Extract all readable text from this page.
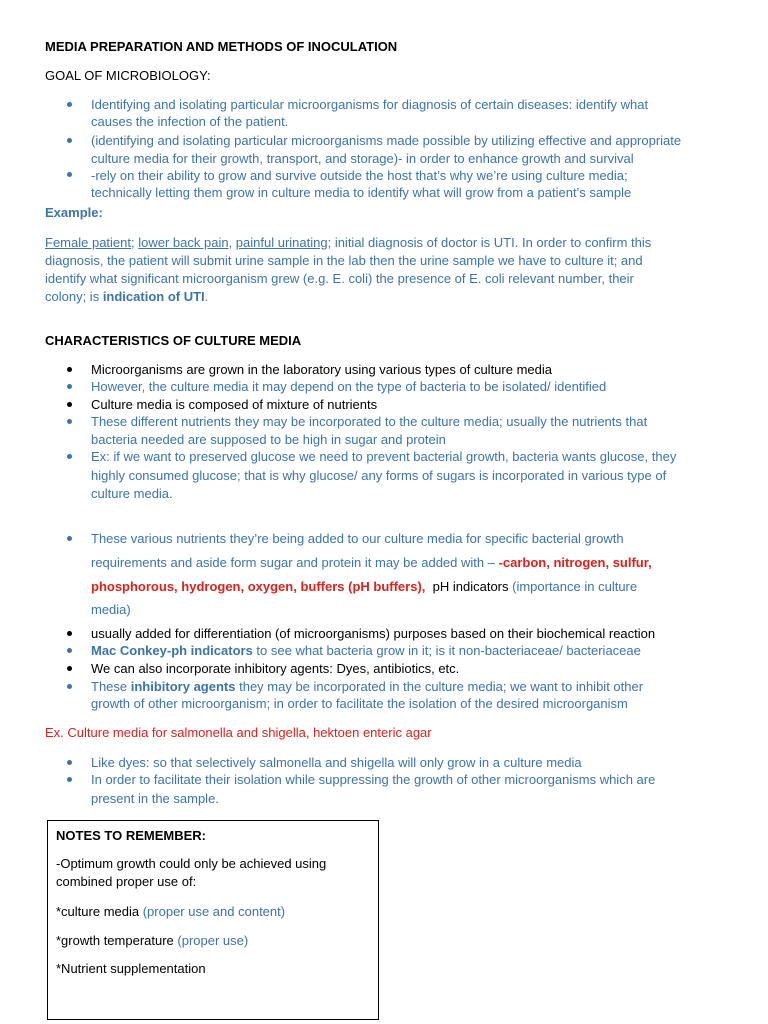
MEDIA PREPARATION AND METHODS OF INOCULATION
GOAL OF MICROBIOLOGY:
Identifying and isolating particular microorganisms for diagnosis of certain diseases: identify what
causes the infection of the patient.
(identifying and isolating particular microorganisms made possible by utilizing effective and appropriate
culture media for their growth, transport, and storage)- in order to enhance growth and survival
-rely on their ability to grow and survive outside the host that’s why we’re using culture media;
technically letting them grow in culture media to identify what will grow from a patient’s sample
Example:
Female patient; lower back pain, painful urinating; initial diagnosis of doctor is UTI. In order to confirm this
diagnosis, the patient will submit urine sample in the lab then the urine sample we have to culture it; and
identify what significant microorganism grew (e.g. E. coli) the presence of E. coli relevant number, their
colony; is indication of UTI.
CHARACTERISTICS OF CULTURE MEDIA
Microorganisms are grown in the laboratory using various types of culture media
However, the culture media it may depend on the type of bacteria to be isolated/ identified
Culture media is composed of mixture of nutrients
These different nutrients they may be incorporated to the culture media; usually the nutrients that
bacteria needed are supposed to be high in sugar and protein
Ex: if we want to preserved glucose we need to prevent bacterial growth, bacteria wants glucose, they
highly consumed glucose; that is why glucose/ any forms of sugars is incorporated in various type of
culture media.
These various nutrients they’re being added to our culture media for specific bacterial growth
requirements and aside form sugar and protein it may be added with – -carbon, nitrogen, sulfur,
phosphorous, hydrogen, oxygen, buffers (pH buffers),  pH indicators (importance in culture
media)
usually added for differentiation (of microorganisms) purposes based on their biochemical reaction
Mac Conkey-ph indicators to see what bacteria grow in it; is it non-bacteriaceae/ bacteriaceae
We can also incorporate inhibitory agents: Dyes, antibiotics, etc.
These inhibitory agents they may be incorporated in the culture media; we want to inhibit other
growth of other microorganism; in order to facilitate the isolation of the desired microorganism
Ex. Culture media for salmonella and shigella, hektoen enteric agar
Like dyes: so that selectively salmonella and shigella will only grow in a culture media
In order to facilitate their isolation while suppressing the growth of other microorganisms which are
present in the sample.
NOTES TO REMEMBER:
-Optimum growth could only be achieved using
combined proper use of:
*culture media (proper use and content)
*growth temperature (proper use)
*Nutrient supplementation
